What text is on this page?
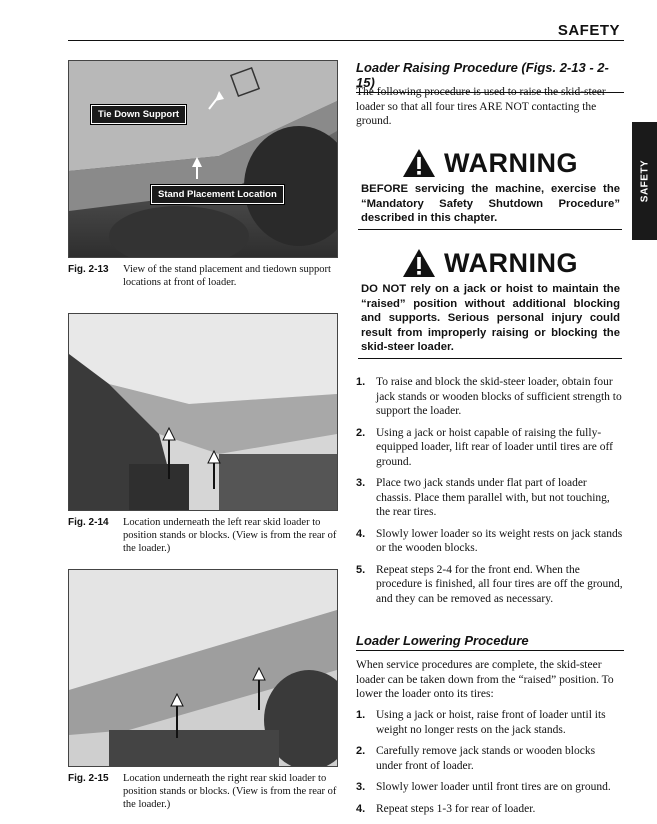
SAFETY
SAFETY
Tie Down Support
Stand Placement Location
Fig. 2-13 View of the stand placement and tiedown support locations at front of loader.
Fig. 2-14 Location underneath the left rear skid loader to position stands or blocks. (View is from the rear of the loader.)
Fig. 2-15 Location underneath the right rear skid loader to position stands or blocks. (View is from the rear of the loader.)
Loader Raising Procedure (Figs. 2-13 - 2-15)
The following procedure is used to raise the skid-steer loader so that all four tires ARE NOT contacting the ground.
WARNING
BEFORE servicing the machine, exercise the “Mandatory Safety Shutdown Procedure” described in this chapter.
WARNING
DO NOT rely on a jack or hoist to maintain the “raised” position without additional blocking and supports. Serious personal injury could result from improperly raising or blocking the skid-steer loader.
1. To raise and block the skid-steer loader, obtain four jack stands or wooden blocks of sufficient strength to support the loader.
2. Using a jack or hoist capable of raising the fully-equipped loader, lift rear of loader until tires are off ground.
3. Place two jack stands under flat part of loader chassis. Place them parallel with, but not touching, the rear tires.
4. Slowly lower loader so its weight rests on jack stands or the wooden blocks.
5. Repeat steps 2-4 for the front end. When the procedure is finished, all four tires are off the ground, and they can be removed as necessary.
Loader Lowering Procedure
When service procedures are complete, the skid-steer loader can be taken down from the “raised” position. To lower the loader onto its tires:
1. Using a jack or hoist, raise front of loader until its weight no longer rests on the jack stands.
2. Carefully remove jack stands or wooden blocks under front of loader.
3. Slowly lower loader until front tires are on ground.
4. Repeat steps 1-3 for rear of loader.
